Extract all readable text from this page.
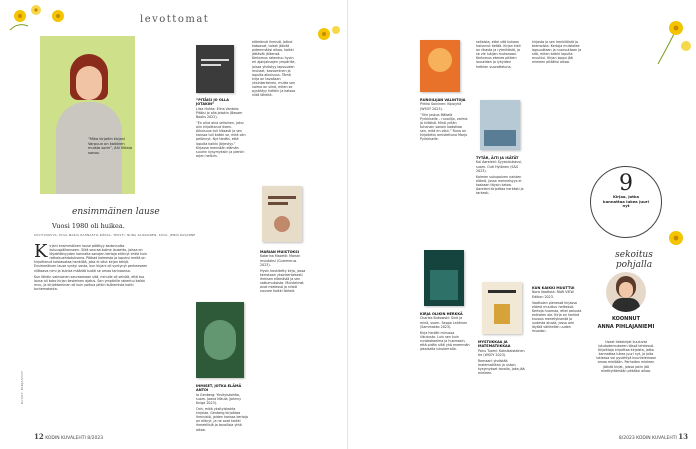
levottomat
“Mika kirjoitin kirjani Varpuun on kaikkien muista sorin”, Aili Viitala sanoo.
ensimmäinen lause
Vuosi 1980 oli huikea.
KUVITUSKUVA: ELSA-MARIA RAHNASTO-RÖKKA, TEKSTI: NIINA KAIKKONEN, KUVA: JENNI RAVANNE
K irjani ensimmäinen lause päättyy kadonnutta kuluuspäikanseen. Siitä seuraa kolme lausetta, joissa on löydettävyyden kannalta sanojen kertoja ehtinyt ehtiä kuin ratkaisuehdotuksena. Pääset kolmesta ja lopuksi meitä on kirjoittanut toistasataa henkilöä, joka ei ollut kirjan tekijä. Ensimmäinen lause syntyi vasta, kun kirjani oli syntynyt perheeseen viittaava nimi ja kuinka määrää tuotti se omaa tarinaansa.

Kun lähdin vaimoinen seuraamaan sitä, minulle oli selvää, että tuo lause oli koko kirjan keskeinen ajatus. Sen ympärille rakentui kaikki muu, ja kirjoittaminen oli kuin polkua pitkin kulkemista kohti tuntematonta.

KUVAT: KIRJASTOT
”PITÄISI JO OLLA JOTAKIN”

Liisa Huhta: Elina Vantola: Pitäisi jo olla jotakin (Basam Books 2022).

”En ollut aina sellainen, joksi olin kirjoittanut itseni. Aikuisuus tuli hitaasti ja sen kanssa tuli kaikki se, mitä olin pelännyt. Nyt tiedän, että lopulta kaikki järjestyy.” Kirjassa mennään elämän suuriin kysymyksiin ja pieniin arjen hetkiin.

IHMISET, JOTKA ELÄMÄ ANTOI

Ia Genberg: Yksityiskohtia, suom. Jaana Nikula (Johnny Kniga 2023).

Ooh, mikä yksityiskohta kirjasta. Genberg kirjoittaa ihmisistä, joiden kanssa kertoja on elänyt, ja ne ovat kaikki ihmeellisiä ja tavallisia yhtä aikaa.

elämänsä ihmisiä. Jotkut katoavat, toiset jäävät pidemmäksi aikaa, kaikki jättävät jälkensä. Kertomus rakentuu hyvin eri ajanjaksojen ympärille, joissa yhdistyy lapsuuden muistot, kasvaminen ja lopulta aikuisuus. Tämä kirja on tavallaan yksinkertainen, mutta sen voima on siinä, miten se pysähtyy hetkiin ja katsoo niitä läheltä.

MARIAN MUISTOKSI

Katarina Mazetti: Marian muistoksi (Gummerus 2023).

Hyvin keskitetty kirja, jossa kerrotaan yksinkertaisesti ihmisen elämästä ja sen sattumuksista. Muistelmat ovat mielessä ja niistä nousee kaikki tärkeä.

12 KODIN KUVALEHTI 8/2023
RUNOILIJAN VALINTOJA

Pirkko Soininen: Kipsiyhä (WSOY 2023).

”Olin joskus Mäkelä Pyrkkiselle – runoilija, valmis ja kiiltävä. Minä yritän tuhansin sanoin kadottaa sen, mitä en ollut.” Runo on kirjoitettu omistettuna Marjo Pyrkkiselle.

KIRJA OLIKIN HERKKÄ

Charles Bukowski: Sinä ja minä, suom. Seppo Lahtinen (Sammakko 2023).

Kirja herätti minussa liikutusta. Luin sen kuin runokokoelma ja huomasin, että pidän siitä yhä enemmän jokaisella lukukerralla.

sellaista, ettei sitä kukaan halunnut tietää. Kirjan kieli on rikasta ja rytmikästä, ja se vie lukijan mukanaan. Kertomus etenee pitkien lauseiden ja lyhyiden hetkien vuorotteluna.

TYTÄR, ÄITI JA ISÄTÄT

Kai Aareleid: Syyslukukausi, suom. Outi Hytönen (S&S 2023).

Kolmen sukupolven naisten elämä, jossa menneisyys ei koskaan täysin katoa. Aareleid kirjoittaa herkästi ja tarkasti.

MYSTIIKKAA JA MATEMATIIKKAA

Panu Tuomi: Kaksikaistainen tie (WSOY 2023).

Romaani yhdistää matematiikan ja uskon kysymykset tavalla, joka jää mieleen.

kirjasta ja sen henkilöistä ja teemoista. Kertoja muistelee lapsuuttaan ja nuoruuttaan ja sitä, miten kaikki lopulta muuttui. Kirjan loppu jää mieleen pitkäksi aikaa.

9
Kirjaa, jotka kannattaa lukea juuri nyt
sekoitus pohjalla
KOONNUT
ANNA PIHLAJANIEMI
Useat tietokirjat kuuluvat lukukokemukseen tässä lehdessä. Kirjoittaja kirjoittaa kirjoista, jotka kannattaa lukea juuri nyt, ja joita lukiessa voi pysähtyä kuuntelemaan omaa mieltään. Parhaiten mieleen jäävät kirjat, joissa jokin jää mietityttämään pitkäksi aikaa.
KUN KAIKKI MUUTTUI

Nora Vaattola: RAW VIEW Edition 2023.

Vaattolan pienessä kirjassa elämä muuttuu hetkessä. Kertoja huomaa, ettei paluuta entiseen ole. Kirja on herkkä kuvaus menetyksestä ja uudesta alusta, jossa arki löytää vähitellen uuden muodon.

8/2023 KODIN KUVALEHTI 13
